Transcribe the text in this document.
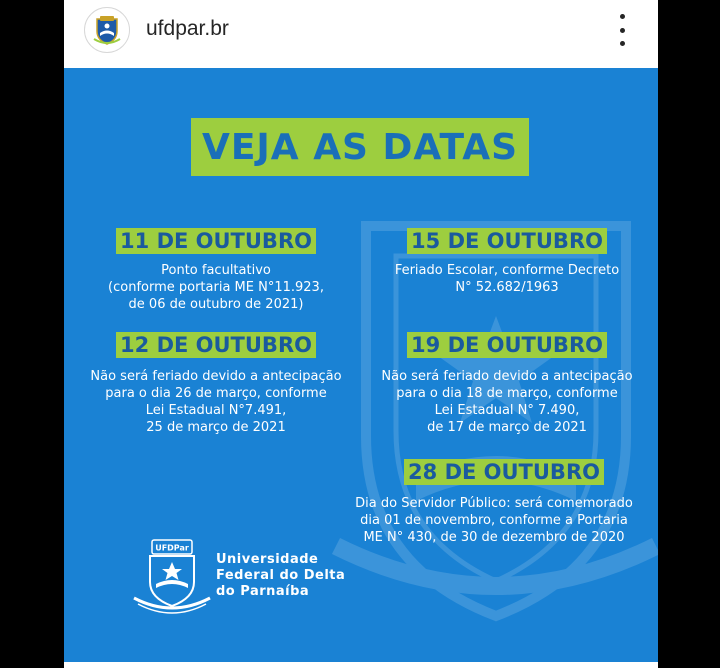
ufdpar.br
VEJA AS DATAS
11 DE OUTUBRO
Ponto facultativo
(conforme portaria ME N°11.923,
de 06 de outubro de 2021)
15 DE OUTUBRO
Feriado Escolar, conforme Decreto
N° 52.682/1963
12 DE OUTUBRO
Não será feriado devido a antecipação
para o dia 26 de março, conforme
Lei Estadual N°7.491,
25 de março de 2021
19 DE OUTUBRO
Não será feriado devido a antecipação
para o dia 18 de março, conforme
Lei Estadual N° 7.490,
de 17 de março de 2021
28 DE OUTUBRO
Dia do Servidor Público: será comemorado
dia 01 de novembro, conforme a Portaria
ME N° 430, de 30 de dezembro de 2020
UFDPar
Universidade
Federal do Delta
do Parnaíba
